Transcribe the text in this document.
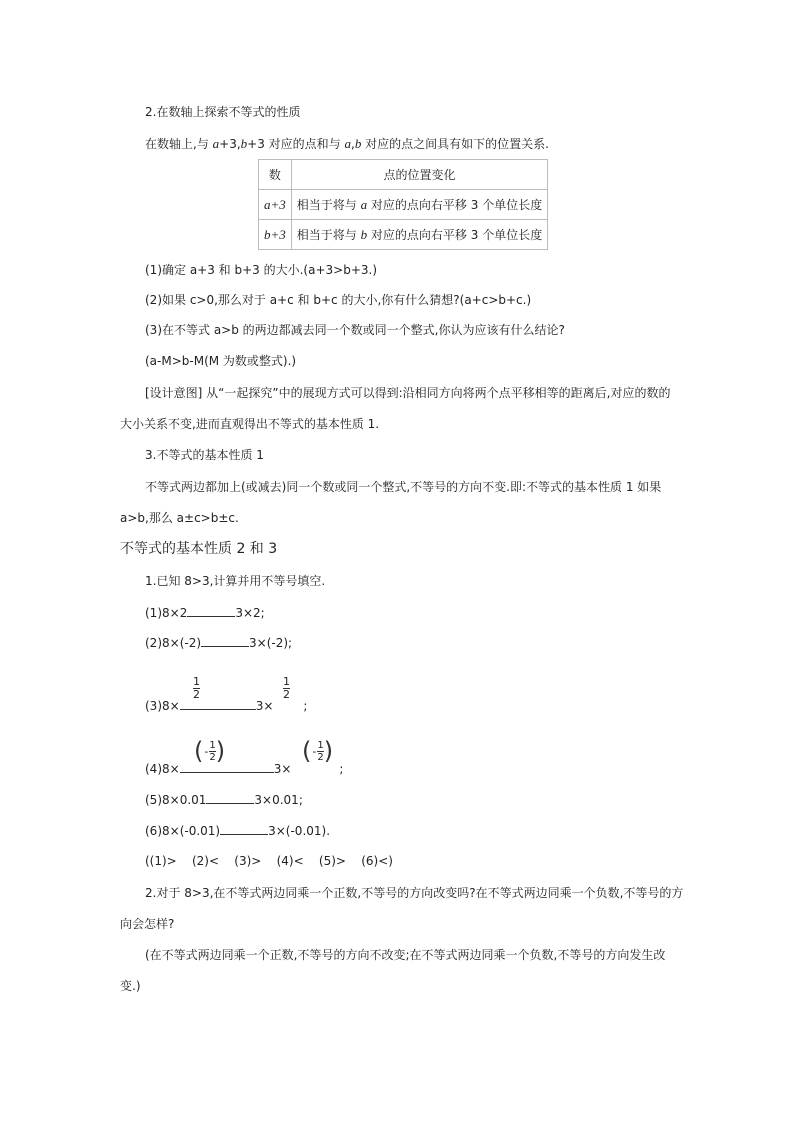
2.在数轴上探索不等式的性质
在数轴上,与 a+3,b+3 对应的点和与 a,b 对应的点之间具有如下的位置关系.
数	点的位置变化
a+3	相当于将与 a 对应的点向右平移 3 个单位长度
b+3	相当于将与 b 对应的点向右平移 3 个单位长度
(1)确定 a+3 和 b+3 的大小.(a+3>b+3.)
(2)如果 c>0,那么对于 a+c 和 b+c 的大小,你有什么猜想?(a+c>b+c.)
(3)在不等式 a>b 的两边都减去同一个数或同一个整式,你认为应该有什么结论?
(a-M>b-M(M 为数或整式).)
[设计意图] 从“一起探究”中的展现方式可以得到:沿相同方向将两个点平移相等的距离后,对应的数的
大小关系不变,进而直观得出不等式的基本性质 1.
3.不等式的基本性质 1
不等式两边都加上(或减去)同一个数或同一个整式,不等号的方向不变.即:不等式的基本性质 1 如果
a>b,那么 a±c>b±c.
不等式的基本性质 2 和 3
1.已知 8>3,计算并用不等号填空.
(1)8×2	3×2;
(2)8×(-2)	3×(-2);
(3)8×	3×	;
1
2
1
2
(4)8×	3×	;
( - 1
2 )	( - 1
2 )
(5)8×0.01	3×0.01;
(6)8×(-0.01)	3×(-0.01).
((1)>    (2)<    (3)>    (4)<    (5)>    (6)<)
2.对于 8>3,在不等式两边同乘一个正数,不等号的方向改变吗?在不等式两边同乘一个负数,不等号的方
向会怎样?
(在不等式两边同乘一个正数,不等号的方向不改变;在不等式两边同乘一个负数,不等号的方向发生改
变.)
